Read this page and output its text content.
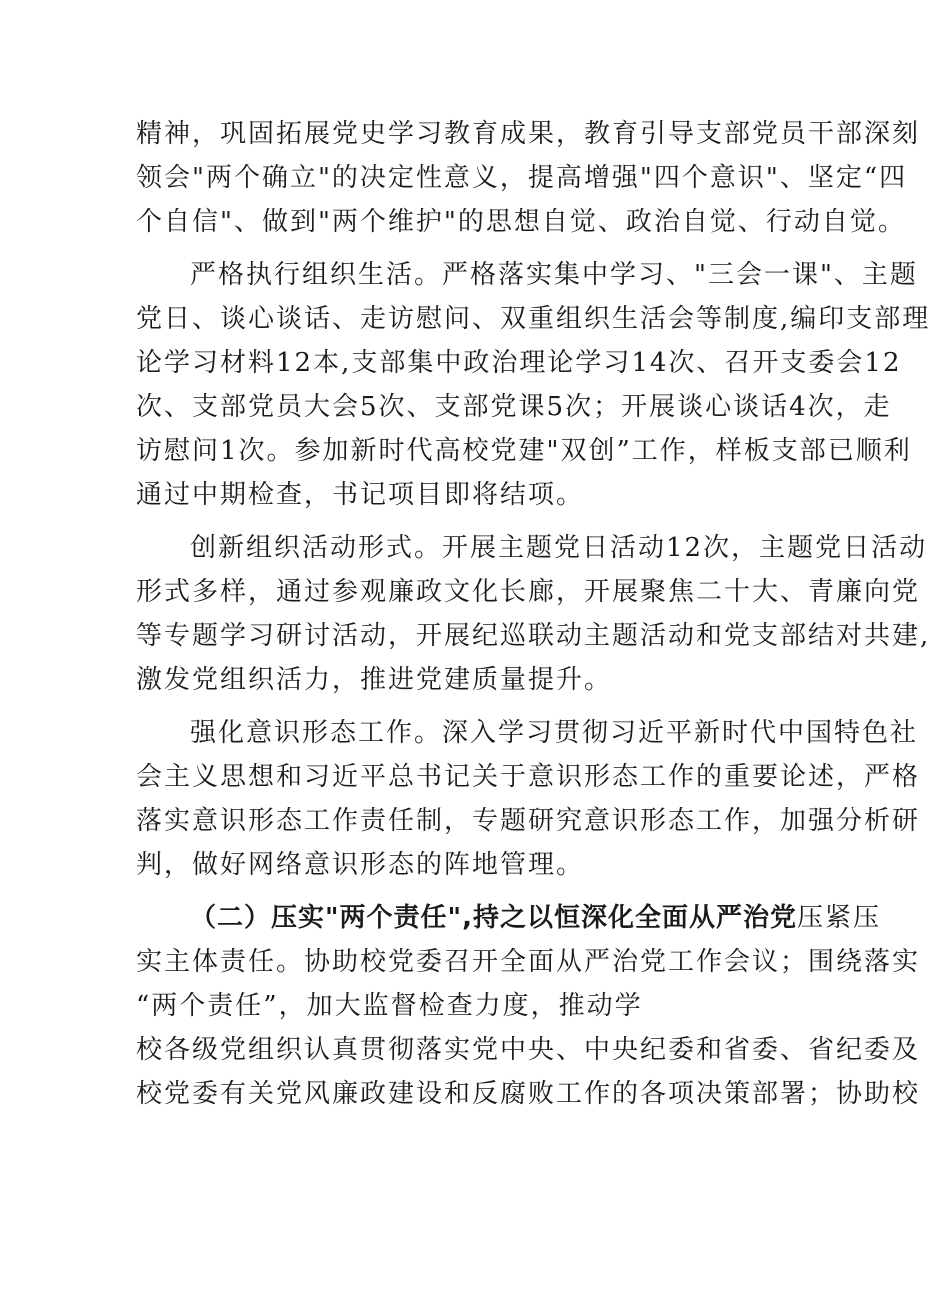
精神，巩固拓展党史学习教育成果，教育引导支部党员干部深刻
领会"两个确立"的决定性意义，提高增强"四个意识"、坚定“四
个自信"、做到"两个维护"的思想自觉、政治自觉、行动自觉。
严格执行组织生活。严格落实集中学习、"三会一课"、主题
党日、谈心谈话、走访慰问、双重组织生活会等制度,编印支部理
论学习材料12本,支部集中政治理论学习14次、召开支委会12
次、支部党员大会5次、支部党课5次；开展谈心谈话4次，走
访慰问1次。参加新时代高校党建"双创”工作，样板支部已顺利
通过中期检查，书记项目即将结项。
创新组织活动形式。开展主题党日活动12次，主题党日活动
形式多样，通过参观廉政文化长廊，开展聚焦二十大、青廉向党
等专题学习研讨活动，开展纪巡联动主题活动和党支部结对共建,
激发党组织活力，推进党建质量提升。
强化意识形态工作。深入学习贯彻习近平新时代中国特色社
会主义思想和习近平总书记关于意识形态工作的重要论述，严格
落实意识形态工作责任制，专题研究意识形态工作，加强分析研
判，做好网络意识形态的阵地管理。
（二）压实"两个责任",持之以恒深化全面从严治党压紧压
实主体责任。协助校党委召开全面从严治党工作会议；围绕落实
“两个责任”，加大监督检查力度，推动学
校各级党组织认真贯彻落实党中央、中央纪委和省委、省纪委及
校党委有关党风廉政建设和反腐败工作的各项决策部署；协助校
